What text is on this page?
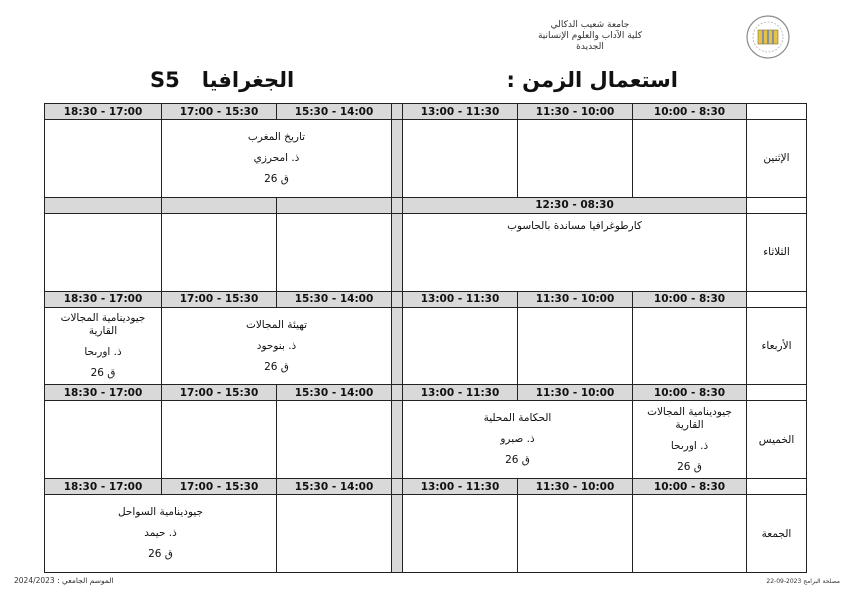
جامعة شعيب الدكالي
كلية الآداب والعلوم الإنسانية
الجديدة
الجغرافيا   S5	استعمال الزمن :
18:30 - 17:00	17:00 - 15:30	15:30 - 14:00		13:00 - 11:30	11:30 - 10:00	10:00 - 8:30	

	تاريخ المغرب
ذ. امحرزي
ق 26						الإثنين
				12:30 - 08:30			

				كارطوغرافيا مساندة بالحاسوب			الثلاثاء
18:30 - 17:00	17:00 - 15:30	15:30 - 14:00		13:00 - 11:30	11:30 - 10:00	10:00 - 8:30	

جيودينامية المجالات القارية
ذ. اورىحا
ق 26	تهيئة المجالات
ذ. بنوحود
ق 26						الأربعاء
18:30 - 17:00	17:00 - 15:30	15:30 - 14:00		13:00 - 11:30	11:30 - 10:00	10:00 - 8:30	

				الحكامة المحلية
ذ. صبرو
ق 26		جيودينامية المجالات القارية
ذ. اورىحا
ق 26	الخميس
18:30 - 17:00	17:00 - 15:30	15:30 - 14:00		13:00 - 11:30	11:30 - 10:00	10:00 - 8:30	

جيودينامية السواحل
ذ. حيمد
ق 26							الجمعة
الموسم الجامعي : 2024/2023	مصلحة البرامج 2023-09-22
